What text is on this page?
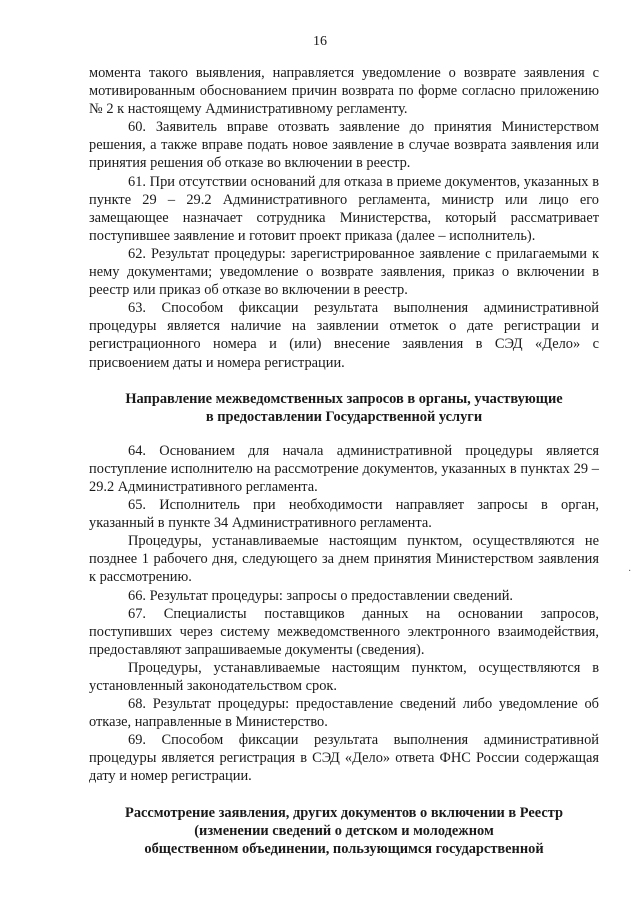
16

момента такого выявления, направляется уведомление о возврате заявления с мотивированным обоснованием причин возврата по форме согласно приложению № 2 к настоящему Административному регламенту.

60. Заявитель вправе отозвать заявление до принятия Министерством решения, а также вправе подать новое заявление в случае возврата заявления или принятия решения об отказе во включении в реестр.

61. При отсутствии оснований для отказа в приеме документов, указанных в пункте 29 – 29.2 Административного регламента, министр или лицо его замещающее назначает сотрудника Министерства, который рассматривает поступившее заявление и готовит проект приказа (далее – исполнитель).

62. Результат процедуры: зарегистрированное заявление с прилагаемыми к нему документами; уведомление о возврате заявления, приказ о включении в реестр или приказ об отказе во включении в реестр.

63. Способом фиксации результата выполнения административной процедуры является наличие на заявлении отметок о дате регистрации и регистрационного номера и (или) внесение заявления в СЭД «Дело» с присвоением даты и номера регистрации.

Направление межведомственных запросов в органы, участвующие

в предоставлении Государственной услуги

64. Основанием для начала административной процедуры является поступление исполнителю на рассмотрение документов, указанных в пунктах 29 – 29.2 Административного регламента.

65. Исполнитель при необходимости направляет запросы в орган, указанный в пункте 34 Административного регламента.

Процедуры, устанавливаемые настоящим пунктом, осуществляются не позднее 1 рабочего дня, следующего за днем принятия Министерством заявления к рассмотрению.

66. Результат процедуры: запросы о предоставлении сведений.

67. Специалисты поставщиков данных на основании запросов, поступивших через систему межведомственного электронного взаимодействия, предоставляют запрашиваемые документы (сведения).

Процедуры, устанавливаемые настоящим пунктом, осуществляются в установленный законодательством срок.

68. Результат процедуры: предоставление сведений либо уведомление об отказе, направленные в Министерство.

69. Способом фиксации результата выполнения административной процедуры является регистрация в СЭД «Дело» ответа ФНС России содержащая дату и номер регистрации.

Рассмотрение заявления, других документов о включении в Реестр

(изменении сведений о детском и молодежном

общественном объединении, пользующимся государственной

·
